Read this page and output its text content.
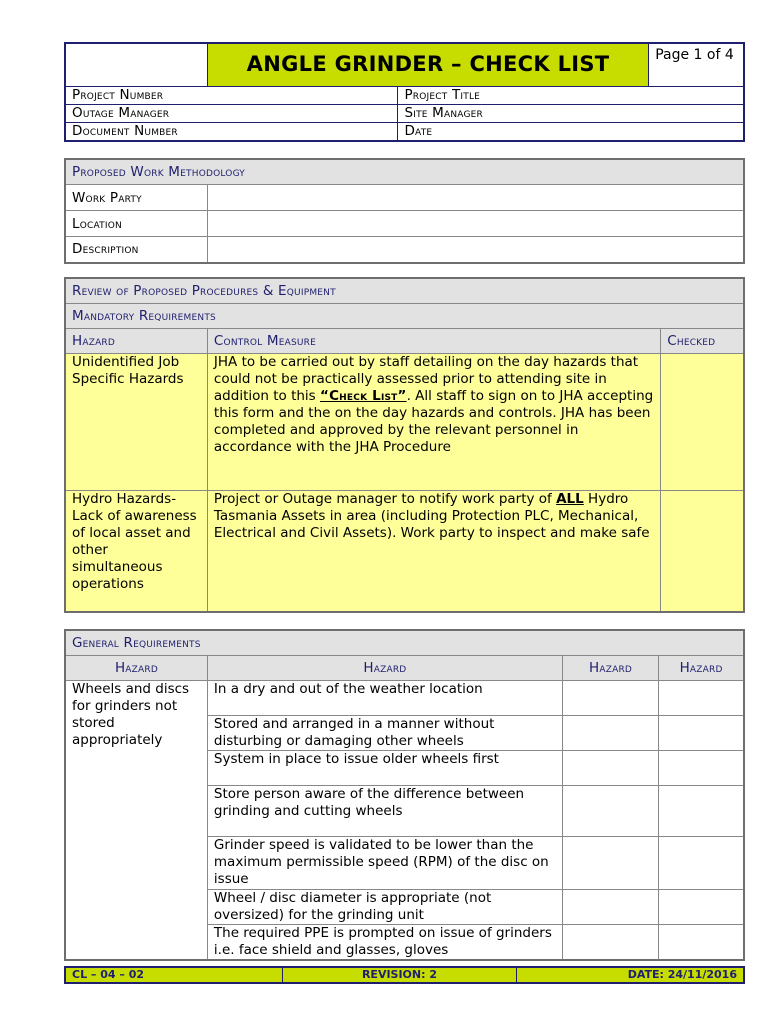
	ANGLE GRINDER – CHECK LIST		Page 1 of 4
Project Number		Project Title	
Outage Manager		Site Manager	
Document Number		Date	
Proposed Work Methodology	
Work Party	
Location	
Description	
Review of Proposed Procedures & Equipment		
Mandatory Requirements		
Hazard	Control Measure	Checked
Unidentified Job Specific Hazards	JHA to be carried out by staff detailing on the day hazards that could not be practically assessed prior to attending site in addition to this “Check List”. All staff to sign on to JHA accepting this form and the on the day hazards and controls. JHA has been completed and approved by the relevant personnel in accordance with the JHA Procedure	
Hydro Hazards- Lack of awareness of local asset and other simultaneous operations	Project or Outage manager to notify work party of ALL Hydro Tasmania Assets in area (including Protection PLC, Mechanical, Electrical and Civil Assets). Work party to inspect and make safe	
General Requirements			
Hazard	Hazard	Hazard	Hazard
Wheels and discs for grinders not stored appropriately	In a dry and out of the weather location		
	Stored and arranged in a manner without disturbing or damaging other wheels		
	System in place to issue older wheels first		
	Store person aware of the difference between grinding and cutting wheels		
	Grinder speed is validated to be lower than the maximum permissible speed (RPM) of the disc on issue		
	Wheel / disc diameter is appropriate (not oversized) for the grinding unit		
	The required PPE is prompted on issue of grinders i.e. face shield and glasses, gloves		
CL – 04 – 02	REVISION: 2	DATE: 24/11/2016
